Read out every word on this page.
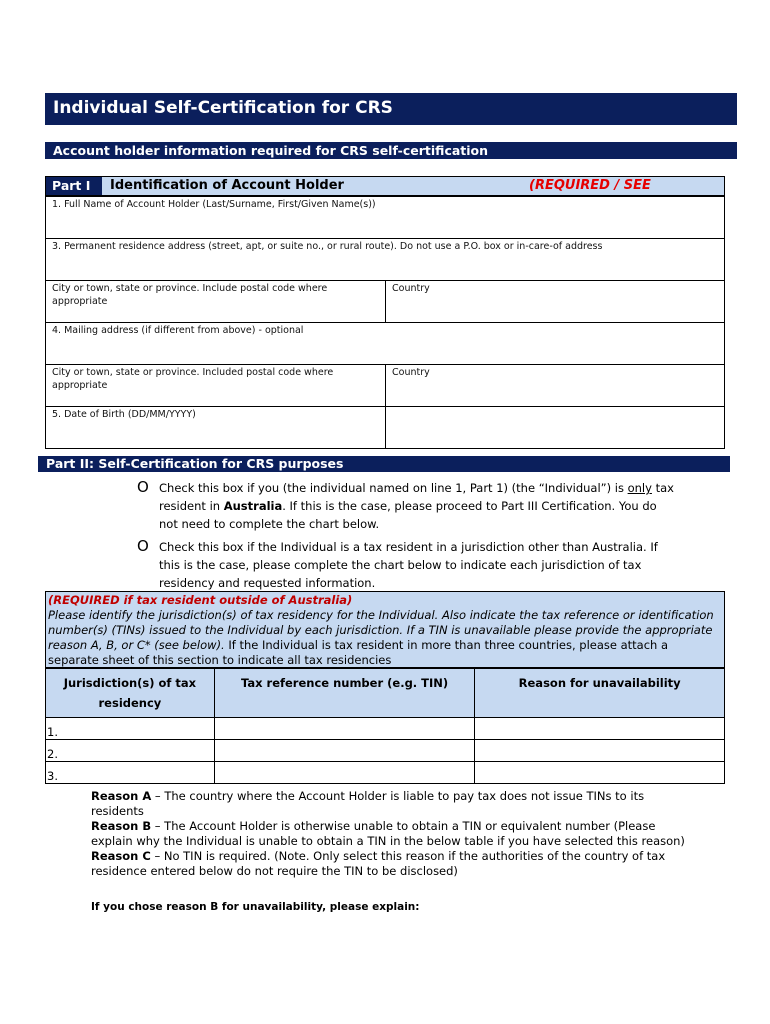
Individual Self-Certification for CRS
Account holder information required for CRS self-certification
Part I	Identification of Account Holder	(REQUIRED / SEE
1. Full Name of Account Holder (Last/Surname, First/Given Name(s))
3. Permanent residence address (street, apt, or suite no., or rural route). Do not use a P.O. box or in-care-of address
City or town, state or province. Include postal code where appropriate
Country
4. Mailing address (if different from above) - optional
City or town, state or province. Included postal code where appropriate
Country
5. Date of Birth (DD/MM/YYYY)
Part II: Self-Certification for CRS purposes
O Check this box if you (the individual named on line 1, Part 1) (the “Individual”) is only tax resident in Australia. If this is the case, please proceed to Part III Certification. You do not need to complete the chart below.
O Check this box if the Individual is a tax resident in a jurisdiction other than Australia. If this is the case, please complete the chart below to indicate each jurisdiction of tax residency and requested information.
(REQUIRED if tax resident outside of Australia)
Please identify the jurisdiction(s) of tax residency for the Individual. Also indicate the tax reference or identification number(s) (TINs) issued to the Individual by each jurisdiction. If a TIN is unavailable please provide the appropriate reason A, B, or C* (see below). If the Individual is tax resident in more than three countries, please attach a separate sheet of this section to indicate all tax residencies
Jurisdiction(s) of tax residency	Tax reference number (e.g. TIN)	Reason for unavailability
1.		
2.		
3.		
Reason A – The country where the Account Holder is liable to pay tax does not issue TINs to its residents
Reason B – The Account Holder is otherwise unable to obtain a TIN or equivalent number (Please explain why the Individual is unable to obtain a TIN in the below table if you have selected this reason)
Reason C – No TIN is required. (Note. Only select this reason if the authorities of the country of tax residence entered below do not require the TIN to be disclosed)
If you chose reason B for unavailability, please explain:
